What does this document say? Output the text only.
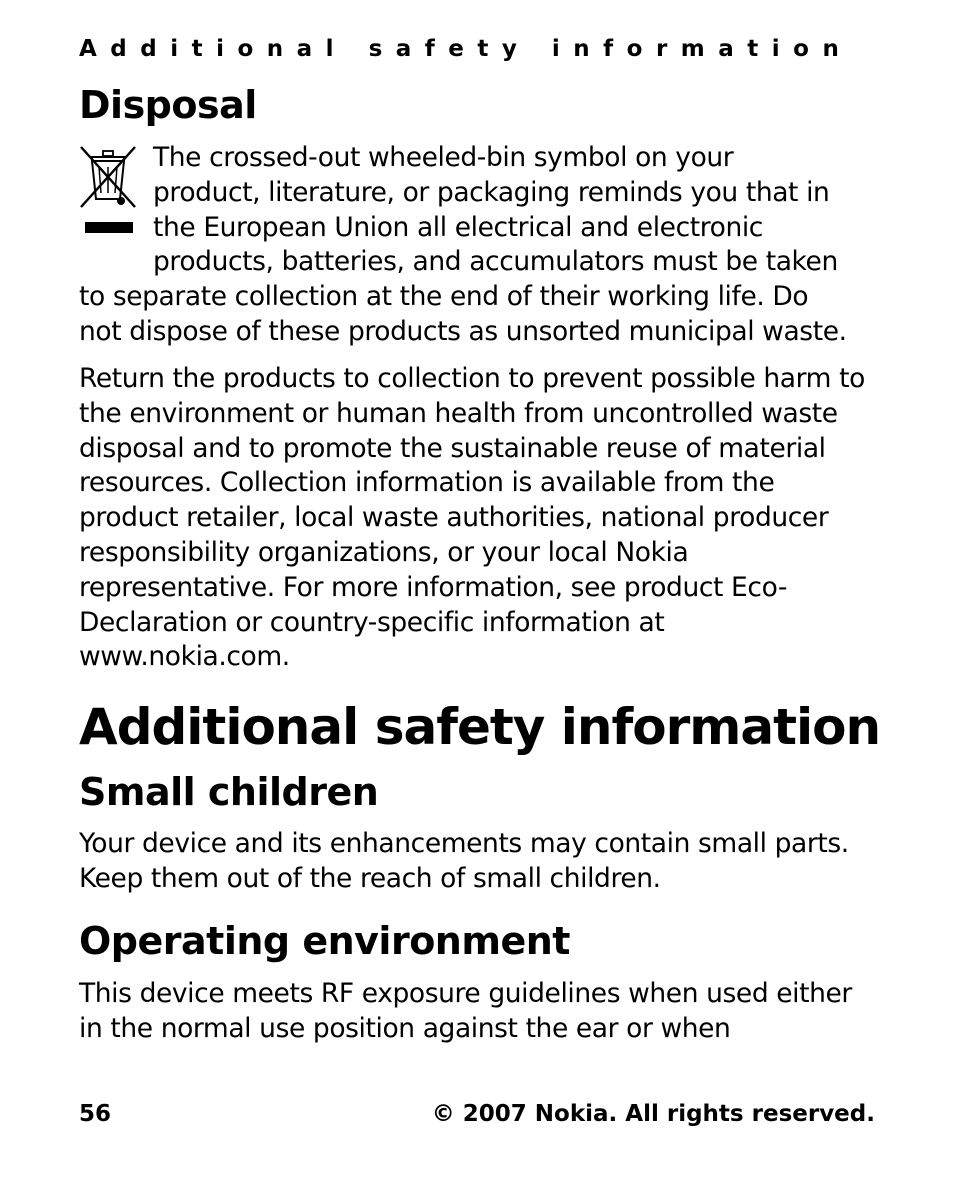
Additional safety information
Disposal

The crossed-out wheeled-bin symbol on your
product, literature, or packaging reminds you that in
the European Union all electrical and electronic
products, batteries, and accumulators must be taken
to separate collection at the end of their working life. Do
not dispose of these products as unsorted municipal waste.

Return the products to collection to prevent possible harm to the environment or human health from uncontrolled waste disposal and to promote the sustainable reuse of material resources. Collection information is available from the product retailer, local waste authorities, national producer responsibility organizations, or your local Nokia representative. For more information, see product Eco-Declaration or country-specific information at www.nokia.com.

Additional safety information
Small children

Your device and its enhancements may contain small parts. Keep them out of the reach of small children.

Operating environment

This device meets RF exposure guidelines when used either in the normal use position against the ear or when

56	© 2007 Nokia. All rights reserved.
